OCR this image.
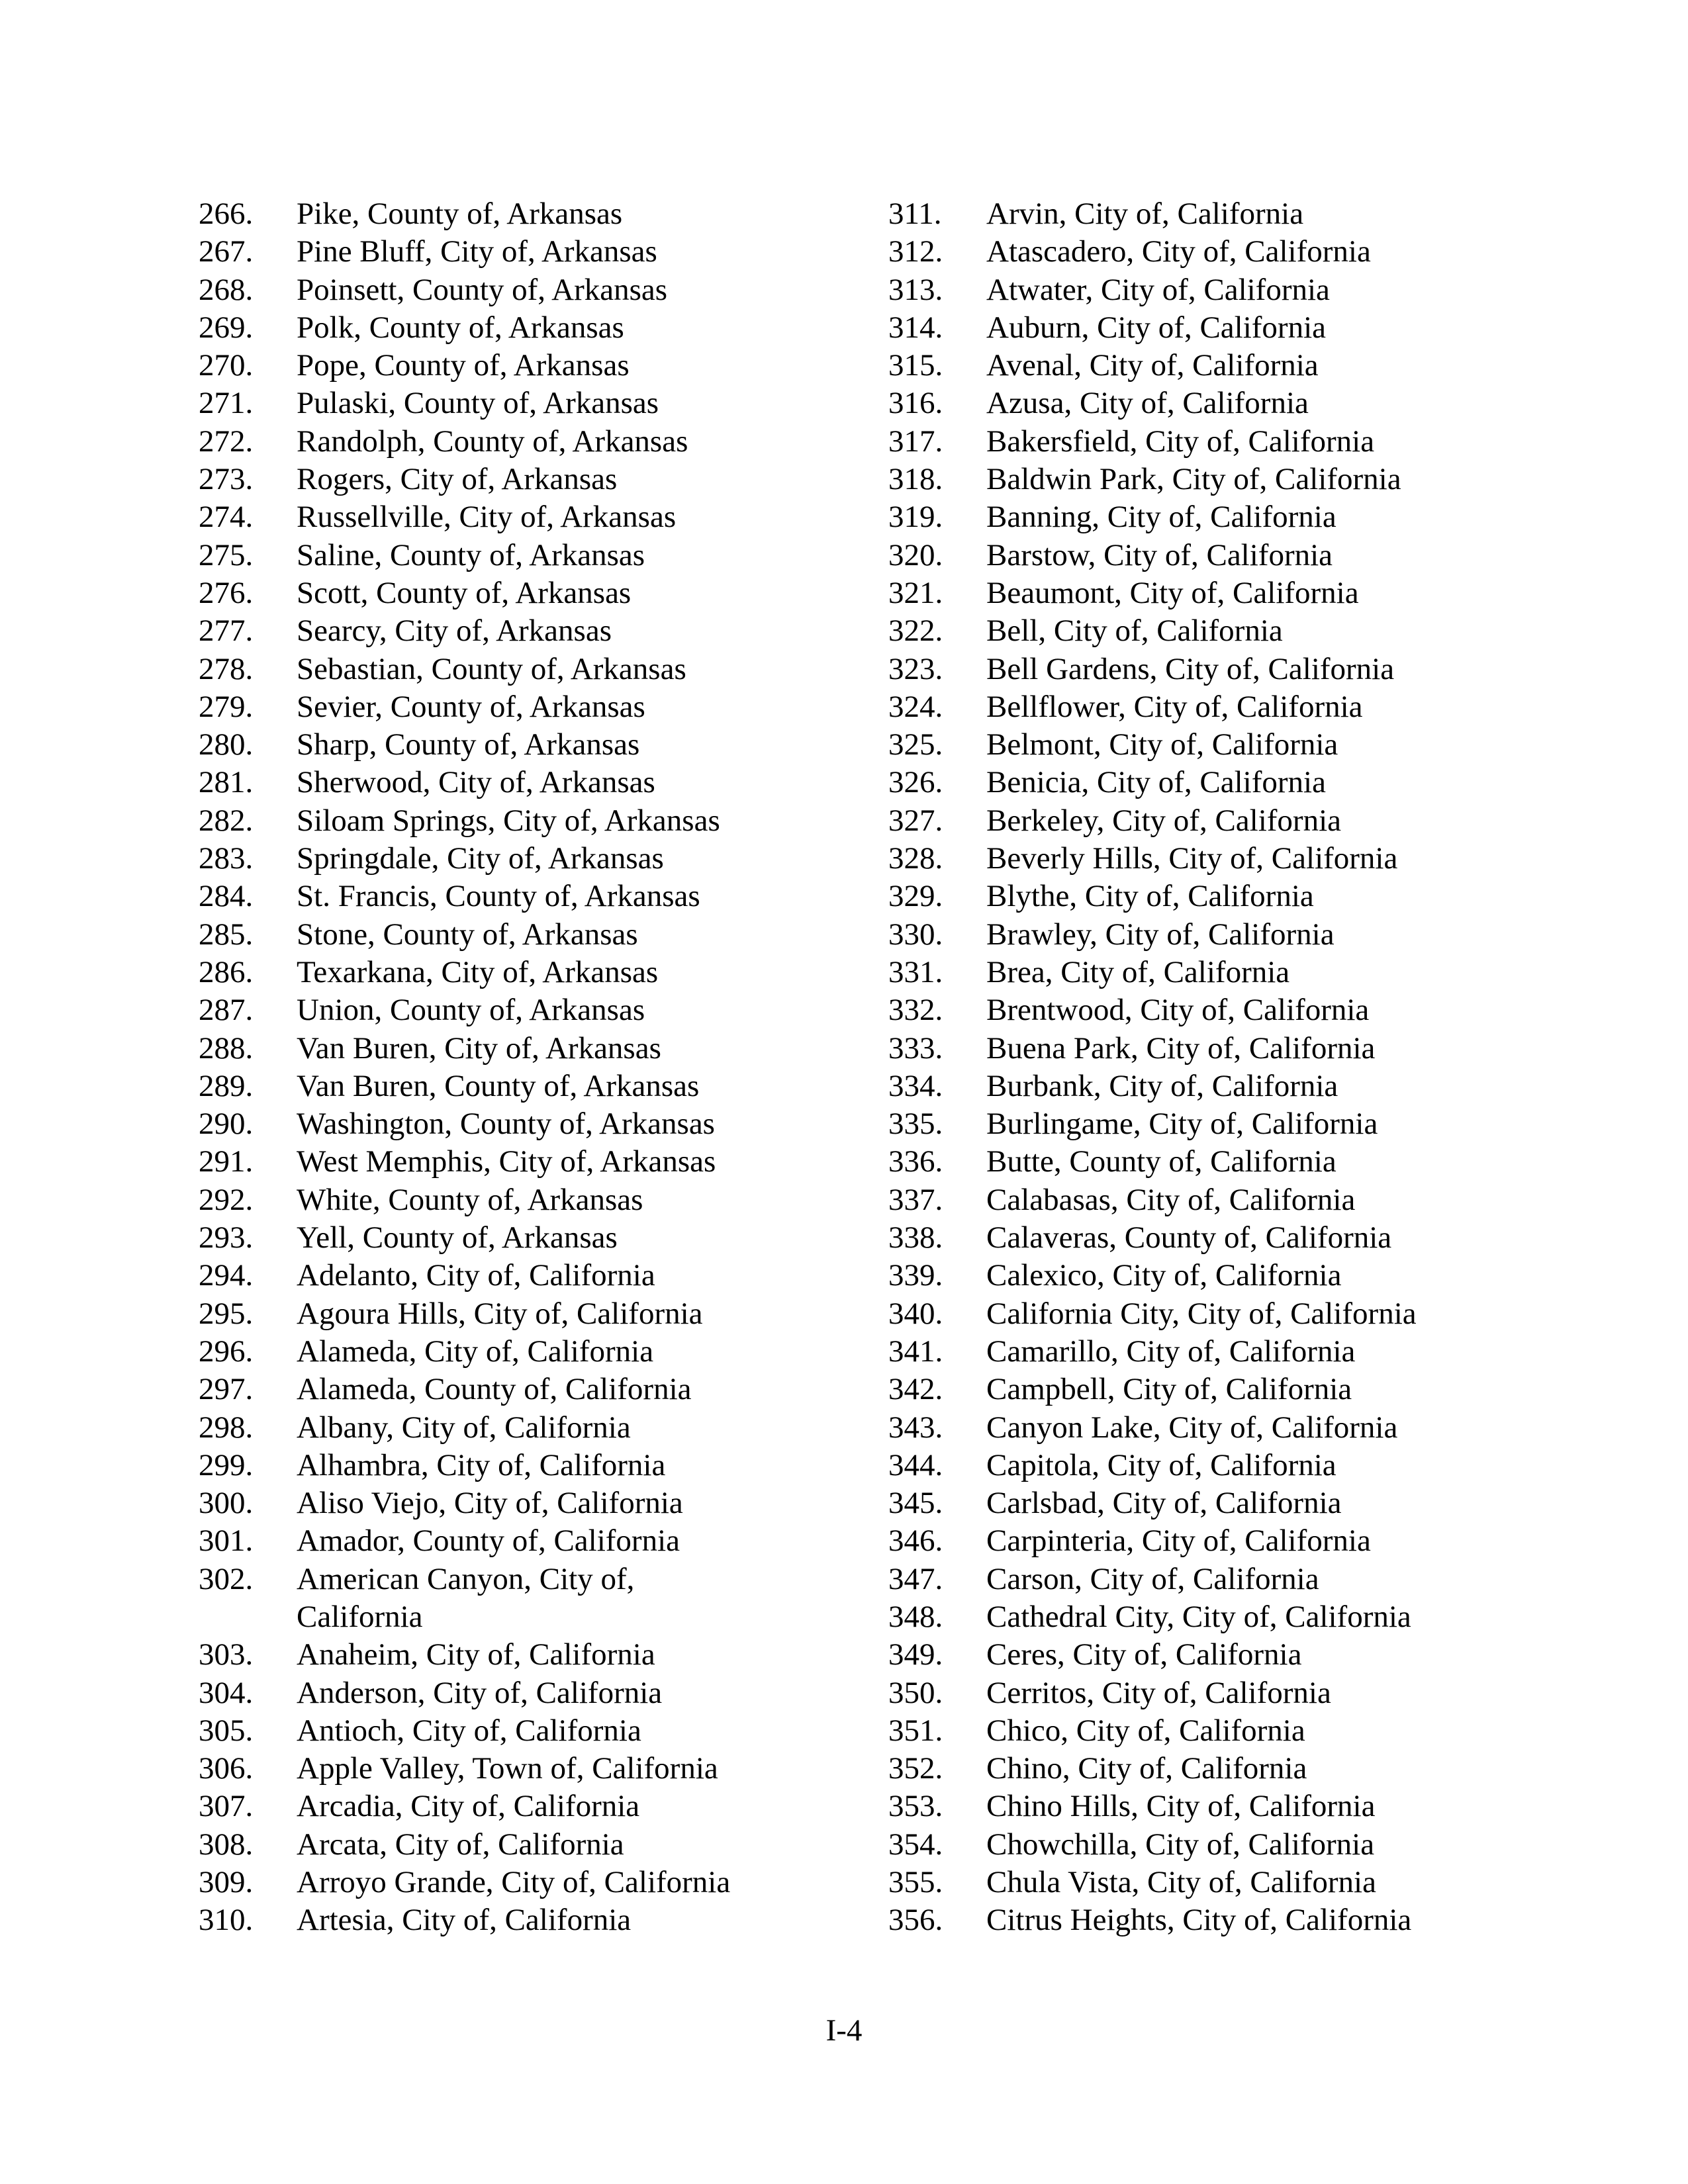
266.	Pike, County of, Arkansas
267.	Pine Bluff, City of, Arkansas
268.	Poinsett, County of, Arkansas
269.	Polk, County of, Arkansas
270.	Pope, County of, Arkansas
271.	Pulaski, County of, Arkansas
272.	Randolph, County of, Arkansas
273.	Rogers, City of, Arkansas
274.	Russellville, City of, Arkansas
275.	Saline, County of, Arkansas
276.	Scott, County of, Arkansas
277.	Searcy, City of, Arkansas
278.	Sebastian, County of, Arkansas
279.	Sevier, County of, Arkansas
280.	Sharp, County of, Arkansas
281.	Sherwood, City of, Arkansas
282.	Siloam Springs, City of, Arkansas
283.	Springdale, City of, Arkansas
284.	St. Francis, County of, Arkansas
285.	Stone, County of, Arkansas
286.	Texarkana, City of, Arkansas
287.	Union, County of, Arkansas
288.	Van Buren, City of, Arkansas
289.	Van Buren, County of, Arkansas
290.	Washington, County of, Arkansas
291.	West Memphis, City of, Arkansas
292.	White, County of, Arkansas
293.	Yell, County of, Arkansas
294.	Adelanto, City of, California
295.	Agoura Hills, City of, California
296.	Alameda, City of, California
297.	Alameda, County of, California
298.	Albany, City of, California
299.	Alhambra, City of, California
300.	Aliso Viejo, City of, California
301.	Amador, County of, California
302.	American Canyon, City of,
California
303.	Anaheim, City of, California
304.	Anderson, City of, California
305.	Antioch, City of, California
306.	Apple Valley, Town of, California
307.	Arcadia, City of, California
308.	Arcata, City of, California
309.	Arroyo Grande, City of, California
310.	Artesia, City of, California
311.	Arvin, City of, California
312.	Atascadero, City of, California
313.	Atwater, City of, California
314.	Auburn, City of, California
315.	Avenal, City of, California
316.	Azusa, City of, California
317.	Bakersfield, City of, California
318.	Baldwin Park, City of, California
319.	Banning, City of, California
320.	Barstow, City of, California
321.	Beaumont, City of, California
322.	Bell, City of, California
323.	Bell Gardens, City of, California
324.	Bellflower, City of, California
325.	Belmont, City of, California
326.	Benicia, City of, California
327.	Berkeley, City of, California
328.	Beverly Hills, City of, California
329.	Blythe, City of, California
330.	Brawley, City of, California
331.	Brea, City of, California
332.	Brentwood, City of, California
333.	Buena Park, City of, California
334.	Burbank, City of, California
335.	Burlingame, City of, California
336.	Butte, County of, California
337.	Calabasas, City of, California
338.	Calaveras, County of, California
339.	Calexico, City of, California
340.	California City, City of, California
341.	Camarillo, City of, California
342.	Campbell, City of, California
343.	Canyon Lake, City of, California
344.	Capitola, City of, California
345.	Carlsbad, City of, California
346.	Carpinteria, City of, California
347.	Carson, City of, California
348.	Cathedral City, City of, California
349.	Ceres, City of, California
350.	Cerritos, City of, California
351.	Chico, City of, California
352.	Chino, City of, California
353.	Chino Hills, City of, California
354.	Chowchilla, City of, California
355.	Chula Vista, City of, California
356.	Citrus Heights, City of, California
I-4
